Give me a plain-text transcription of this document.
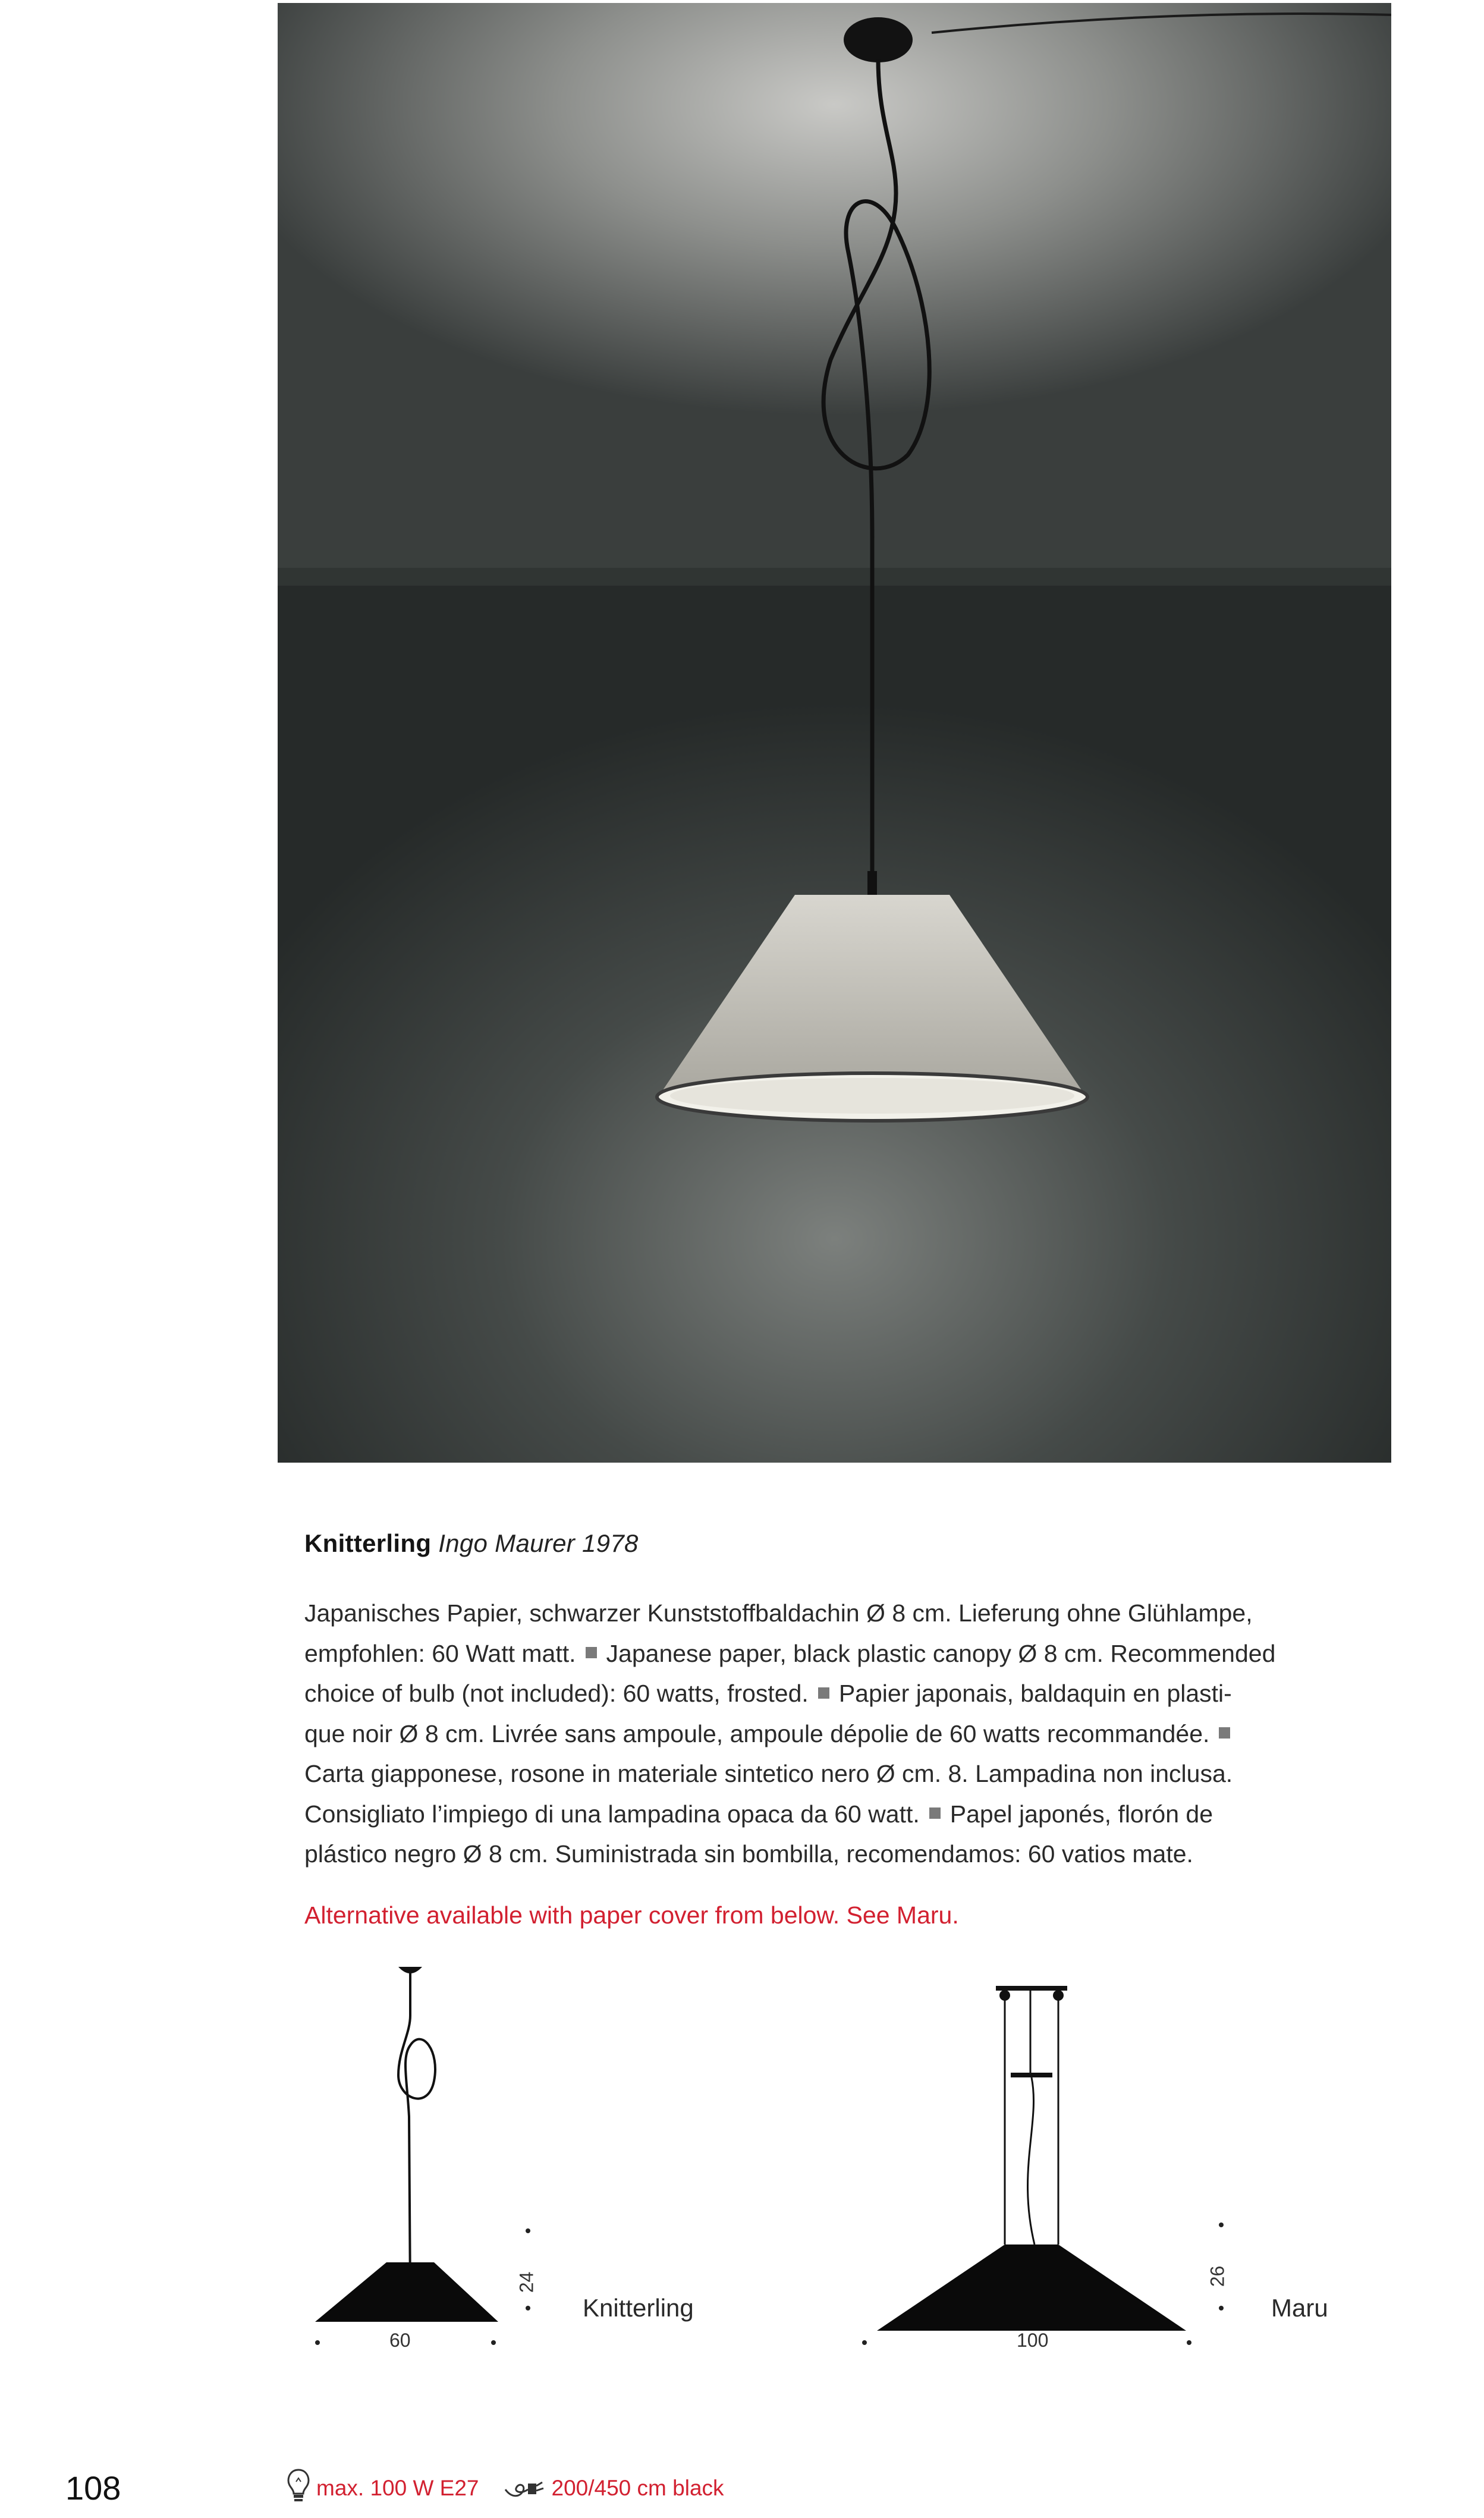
Knitterling Ingo Maurer 1978

Japanisches Papier, schwarzer Kunststoffbaldachin Ø 8 cm. Lieferung ohne Glühlampe,
empfohlen: 60 Watt matt. Japanese paper, black plastic canopy Ø 8 cm. Recommended
choice of bulb (not included): 60 watts, frosted. Papier japonais, baldaquin en plasti-
que noir Ø 8 cm. Livrée sans ampoule, ampoule dépolie de 60 watts recommandée.
Carta giapponese, rosone in materiale sintetico nero Ø cm. 8. Lampadina non inclusa.
Consigliato l’impiego di una lampadina opaca da 60 watt. Papel japonés, florón de
plástico negro Ø 8 cm. Suministrada sin bombilla, recomendamos: 60 vatios mate.

Alternative available with paper cover from below. See Maru.
60
24
Knitterling
100
26
Maru
108	max. 100 W E27	200/450 cm black
